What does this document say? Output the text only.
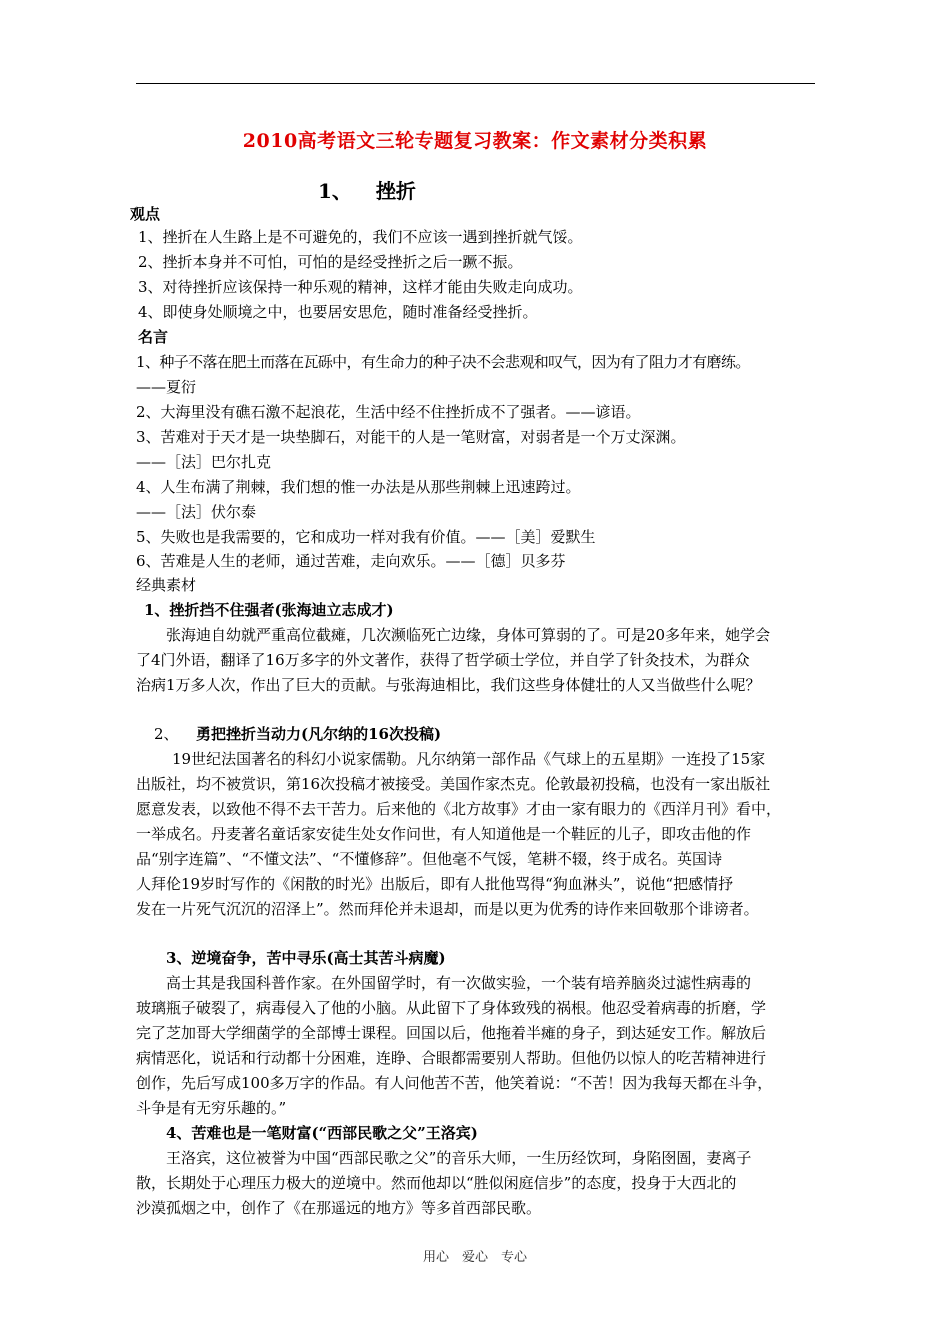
2010高考语文三轮专题复习教案：作文素材分类积累
1、 挫折
观点
1、挫折在人生路上是不可避免的，我们不应该一遇到挫折就气馁。
2、挫折本身并不可怕，可怕的是经受挫折之后一蹶不振。
3、对待挫折应该保持一种乐观的精神，这样才能由失败走向成功。
4、即使身处顺境之中，也要居安思危，随时准备经受挫折。
名言
1、种子不落在肥土而落在瓦砾中，有生命力的种子决不会悲观和叹气，因为有了阻力才有磨练。
——夏衍
2、大海里没有礁石激不起浪花，生活中经不住挫折成不了强者。——谚语。
3、苦难对于天才是一块垫脚石，对能干的人是一笔财富，对弱者是一个万丈深渊。
——［法］巴尔扎克
4、人生布满了荆棘，我们想的惟一办法是从那些荆棘上迅速跨过。
——［法］伏尔泰
5、失败也是我需要的，它和成功一样对我有价值。——［美］爱默生
6、苦难是人生的老师，通过苦难，走向欢乐。——［德］贝多芬
经典素材
1、挫折挡不住强者(张海迪立志成才)
张海迪自幼就严重高位截瘫，几次濒临死亡边缘，身体可算弱的了。可是20多年来，她学会
了4门外语，翻译了16万多字的外文著作，获得了哲学硕士学位，并自学了针灸技术，为群众
治病1万多人次，作出了巨大的贡献。与张海迪相比，我们这些身体健壮的人又当做些什么呢？
2、 勇把挫折当动力(凡尔纳的16次投稿)
19世纪法国著名的科幻小说家儒勒。凡尔纳第一部作品《气球上的五星期》一连投了15家
出版社，均不被赏识，第16次投稿才被接受。美国作家杰克。伦敦最初投稿，也没有一家出版社
愿意发表，以致他不得不去干苦力。后来他的《北方故事》才由一家有眼力的《西洋月刊》看中，
一举成名。丹麦著名童话家安徒生处女作问世，有人知道他是一个鞋匠的儿子，即攻击他的作
品“别字连篇”、“不懂文法”、“不懂修辞”。但他毫不气馁，笔耕不辍，终于成名。英国诗
人拜伦19岁时写作的《闲散的时光》出版后，即有人批他骂得“狗血淋头”，说他“把感情抒
发在一片死气沉沉的沼泽上”。然而拜伦并未退却，而是以更为优秀的诗作来回敬那个诽谤者。
3、逆境奋争，苦中寻乐(高士其苦斗病魔)
高士其是我国科普作家。在外国留学时，有一次做实验，一个装有培养脑炎过滤性病毒的
玻璃瓶子破裂了，病毒侵入了他的小脑。从此留下了身体致残的祸根。他忍受着病毒的折磨，学
完了芝加哥大学细菌学的全部博士课程。回国以后，他拖着半瘫的身子，到达延安工作。解放后
病情恶化，说话和行动都十分困难，连睁、合眼都需要别人帮助。但他仍以惊人的吃苦精神进行
创作，先后写成100多万字的作品。有人问他苦不苦，他笑着说：“不苦！因为我每天都在斗争，
斗争是有无穷乐趣的。”
4、苦难也是一笔财富(“西部民歌之父”王洛宾)
王洛宾，这位被誉为中国“西部民歌之父”的音乐大师，一生历经饮珂，身陷囹圄，妻离子
散，长期处于心理压力极大的逆境中。然而他却以“胜似闲庭信步”的态度，投身于大西北的
沙漠孤烟之中，创作了《在那遥远的地方》等多首西部民歌。
用心　爱心　专心
